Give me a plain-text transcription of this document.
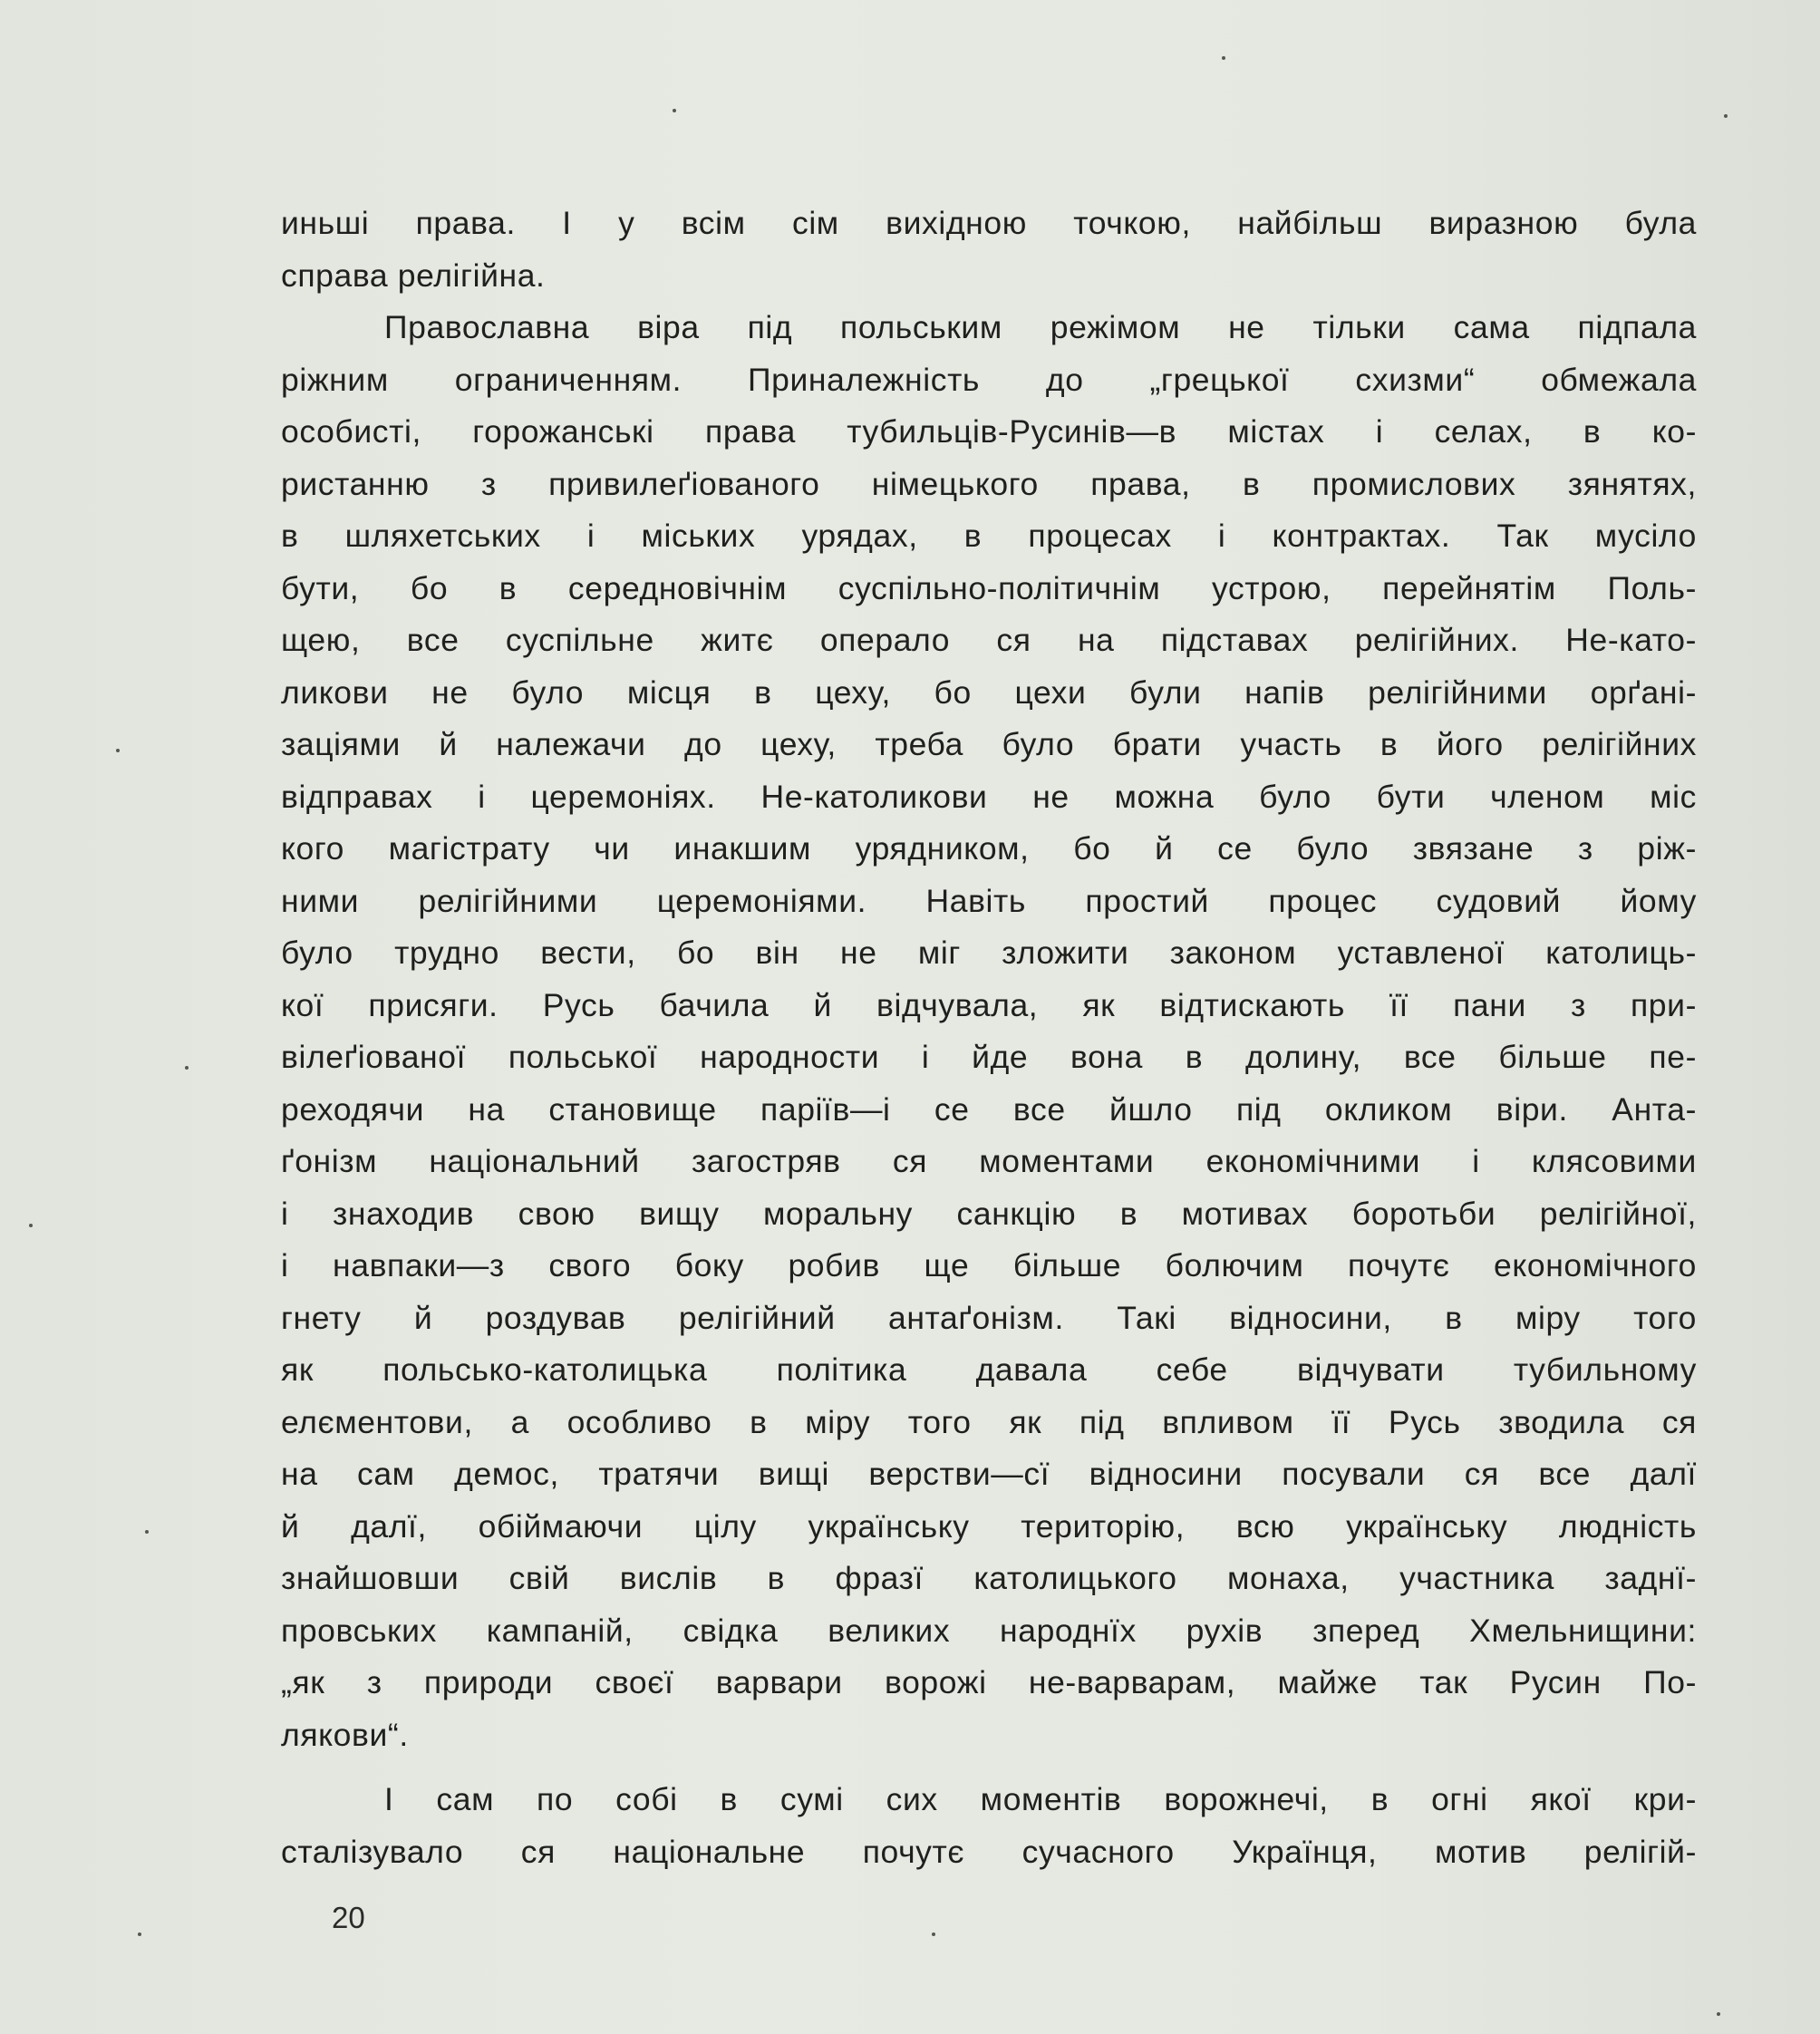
иньші права. І у всім сім вихідною точкою, найбільш виразною була
справа релігійна.
Православна віра під польським режімом не тільки сама підпала
ріжним ограниченням. Приналежність до „грецької схизми“ обмежала
особисті, горожанські права тубильців-Русинів—в містах і селах, в ко-
ристанню з привилеґіованого німецького права, в промислових зянятях,
в шляхетських і міських урядах, в процесах і контрактах. Так мусіло
бути, бо в середновічнім суспільно-політичнім устрою, перейнятім Поль-
щею, все суспільне житє операло ся на підставах релігійних. Не-като-
ликови не було місця в цеху, бо цехи були напів релігійними орґані-
заціями й належачи до цеху, треба було брати участь в його релігійних
відправах і церемоніях. Не-католикови не можна було бути членом міс
кого магістрату чи инакшим урядником, бо й се було звязане з ріж-
ними релігійними церемоніями. Навіть простий процес судовий йому
було трудно вести, бо він не міг зложити законом уставленої католиць-
кої присяги. Русь бачила й відчувала, як відтискають її пани з при-
вілеґіованої польської народности і йде вона в долину, все більше пе-
реходячи на становище паріїв—і се все йшло під окликом віри. Анта-
ґонізм національний загостряв ся моментами економічними і клясовими
і знаходив свою вищу моральну санкцію в мотивах боротьби релігійної,
і навпаки—з свого боку робив ще більше болючим почутє економічного
гнету й роздував релігійний антаґонізм. Такі відносини, в міру того
як польсько-католицька політика давала себе відчувати тубильному
елєментови, а особливо в міру того як під впливом її Русь зводила ся
на сам демос, тратячи вищі верстви—сї відносини посували ся все далї
й далї, обіймаючи цілу українську територію, всю українську людність
знайшовши свій вислів в фразї католицького монаха, участника заднї-
провських кампаній, свідка великих народнїх рухів зперед Хмельнищини:
„як з природи своєї варвари ворожі не-варварам, майже так Русин По-
лякови“.
І сам по собі в сумі сих моментів ворожнечі, в огні якої кри-
сталізувало ся національне почутє сучасного Українця, мотив релігій-
20
